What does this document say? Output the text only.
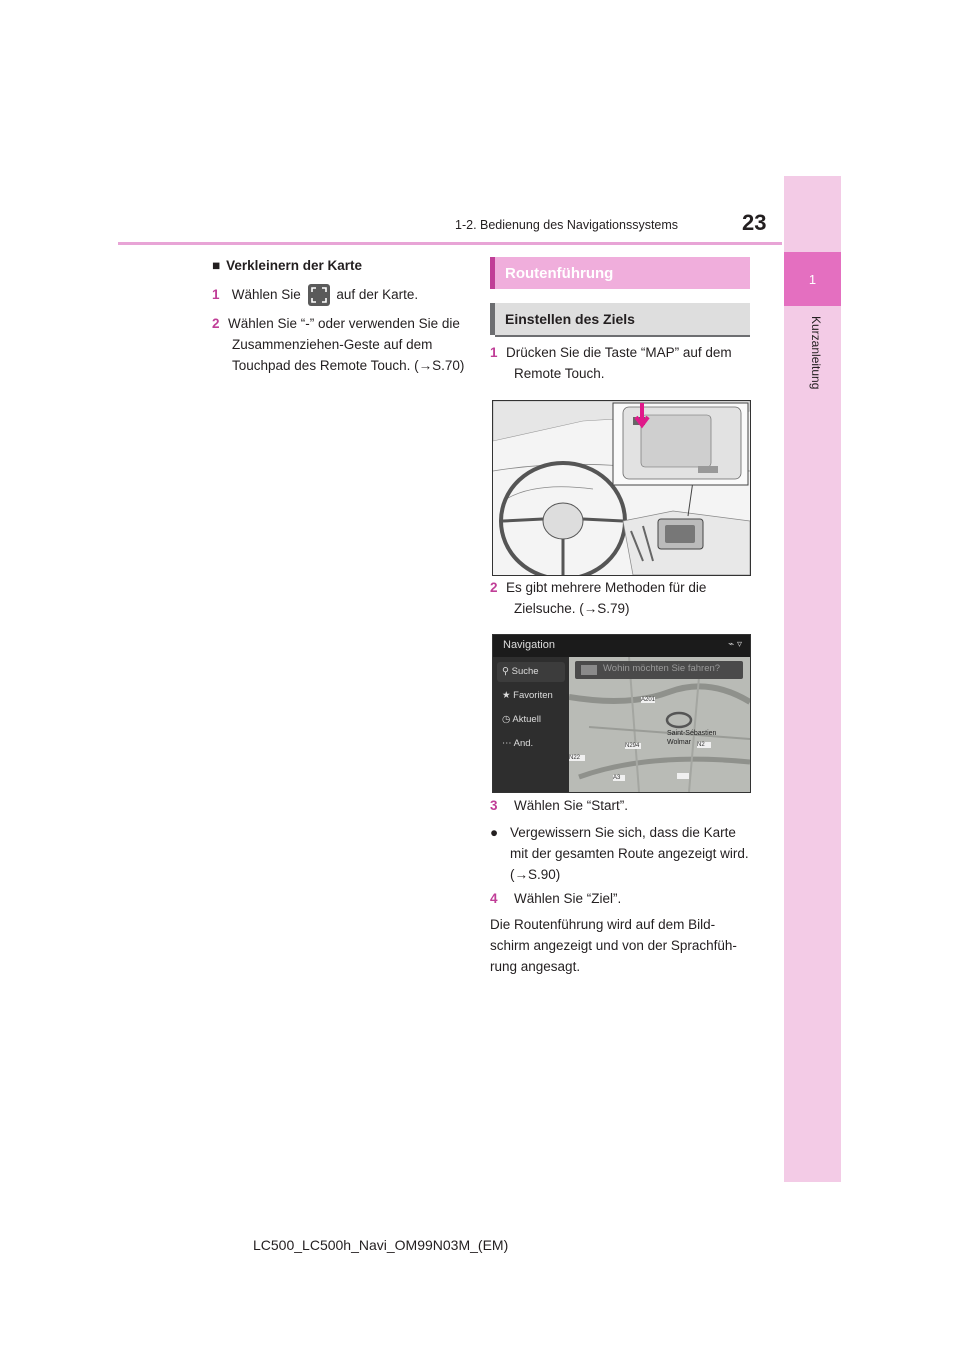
1-2. Bedienung des Navigationssystems	23
1
Kurzanleitung
■ Verkleinern der Karte
1 Wählen Sie	auf der Karte.
2 Wählen Sie “-” oder verwenden Sie die
Zusammenziehen-Geste auf dem
Touchpad des Remote Touch. (→S.70)
Routenführung
Einstellen des Ziels
1 Drücken Sie die Taste “MAP” auf dem
Remote Touch.
2 Es gibt mehrere Methoden für die
Zielsuche. (→S.79)
Navigation	⌁ ▿
⚲ Suche
★ Favoriten
◷ Aktuell
⋯ And.
Saint-Sébastien
Wolmar
A201
N294
A3
N22
N2
Wohin möchten Sie fahren?
3 Wählen Sie “Start”.
● Vergewissern Sie sich, dass die Karte
mit der gesamten Route angezeigt wird.
(→S.90)
4 Wählen Sie “Ziel”.
Die Routenführung wird auf dem Bild-
schirm angezeigt und von der Sprachfüh-
rung angesagt.
LC500_LC500h_Navi_OM99N03M_(EM)
